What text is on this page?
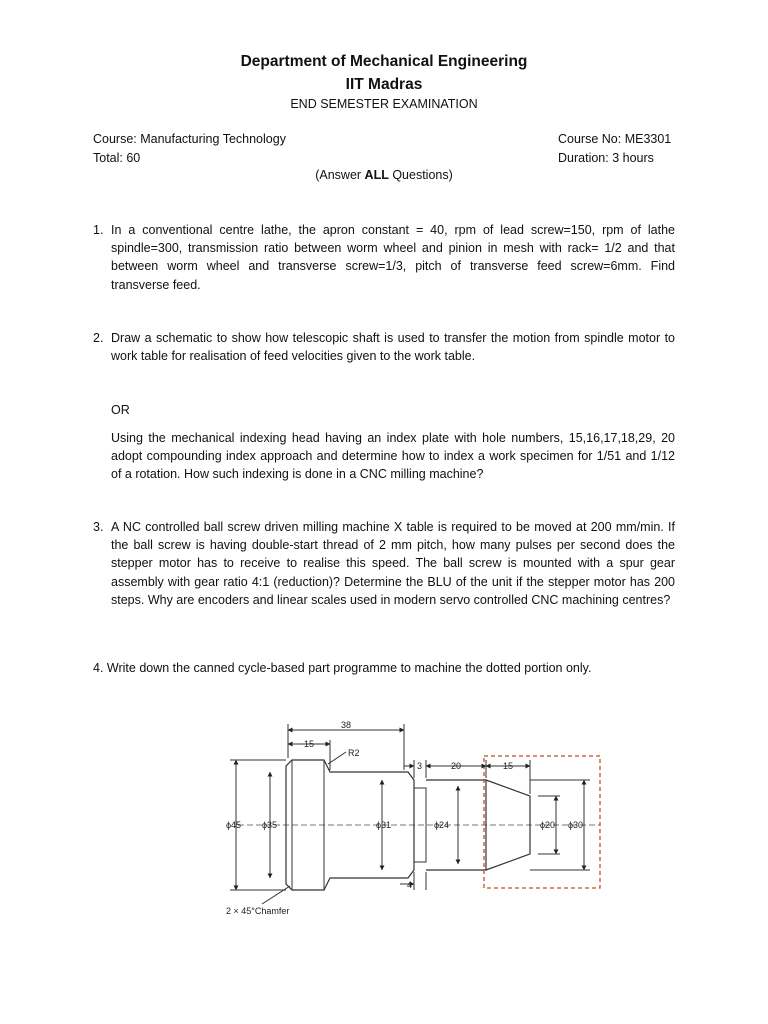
Department of Mechanical Engineering
IIT Madras
END SEMESTER EXAMINATION
Course: Manufacturing Technology
Total: 60
Course No: ME3301
Duration: 3 hours
(Answer ALL Questions)
1. In a conventional centre lathe, the apron constant = 40, rpm of lead screw=150, rpm of lathe spindle=300, transmission ratio between worm wheel and pinion in mesh with rack= 1/2 and that between worm wheel and transverse screw=1/3, pitch of transverse feed screw=6mm. Find transverse feed.
2. Draw a schematic to show how telescopic shaft is used to transfer the motion from spindle motor to work table for realisation of feed velocities given to the work table.
OR
Using the mechanical indexing head having an index plate with hole numbers, 15,16,17,18,29, 20 adopt compounding index approach and determine how to index a work specimen for 1/51 and 1/12 of a rotation. How such indexing is done in a CNC milling machine?
3. A NC controlled ball screw driven milling machine X table is required to be moved at 200 mm/min. If the ball screw is having double-start thread of 2 mm pitch, how many pulses per second does the stepper motor has to receive to realise this speed. The ball screw is mounted with a spur gear assembly with gear ratio 4:1 (reduction)? Determine the BLU of the unit if the stepper motor has 200 steps. Why are encoders and linear scales used in modern servo controlled CNC machining centres?
4. Write down the canned cycle-based part programme to machine the dotted portion only.
38
15
R2
3	20	15
ϕ45 ϕ35	ϕ31	ϕ24	ϕ20 ϕ30
4
2 × 45°Chamfer
